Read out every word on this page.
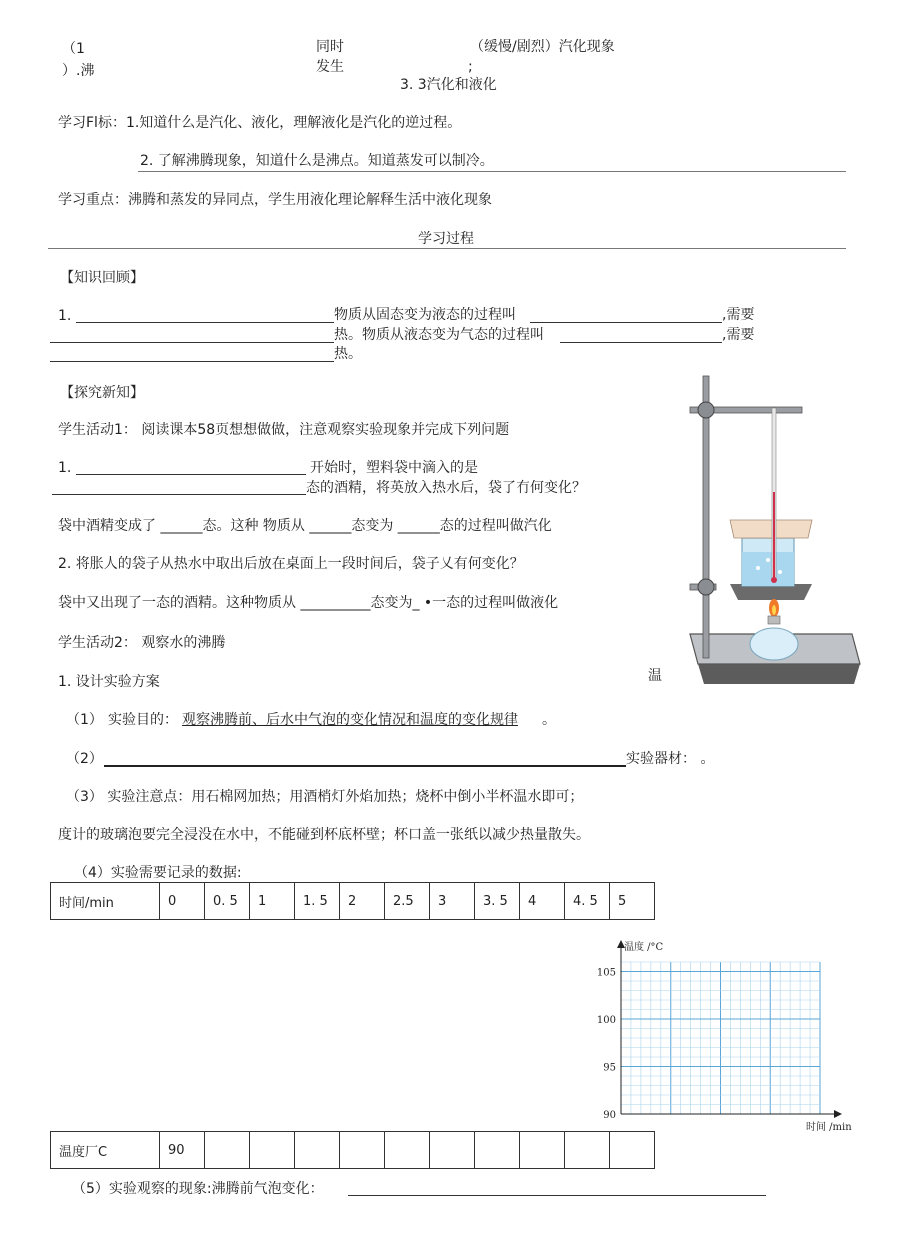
（1
）.沸
同时
发生
（缓慢/剧烈）汽化现象
;
3. 3汽化和液化
学习Fl标：1.知道什么是汽化、液化，理解液化是汽化的逆过程。
2. 了解沸腾现象，知道什么是沸点。知道蒸发可以制冷。
学习重点：沸腾和蒸发的异同点，学生用液化理论解释生活中液化现象
学习过程
【知识回顾】
1.	物质从固态变为液态的过程叫	,需要
热。物质从液态变为气态的过程叫	,需要
热。
【探究新知】
学生活动1： 阅读课本58页想想做做，注意观察实验现象并完成下列问题
1.	开始时，塑料袋中滴入的是
态的酒精，将英放入热水后，袋了冇何变化？
袋中酒精变成了 ______态。这种 物质从 ______态变为 ______态的过程叫做汽化
2. 将胀人的袋子从热水中取出后放在桌面上一段时间后，袋子乂有何变化？
袋中又出现了一态的酒精。这种物质从 __________态变为_ •一态的过程叫做液化
学生活动2： 观察水的沸腾
温
1. 设计实验方案
（1） 实验目的： 观察沸腾前、后水中气泡的变化情况和温度的变化规律 。
（2）	实验器材： 。
（3） 实验注意点：用石棉网加热；用酒梢灯外焰加热；烧杯中倒小半杯温水即可；
度计的玻璃泡要完全浸没在水中，不能碰到杯底杯壁；杯口盖一张纸以减少热量散失。
（4）实验需要记录的数据:
时间/min	0	0. 5	1	1. 5	2	2.5	3	3. 5	4	4. 5	5
温度厂C	90										
（5）实验观察的现象:沸腾前气泡变化：
温度 /°C
时间 /min
90
95
100
105
